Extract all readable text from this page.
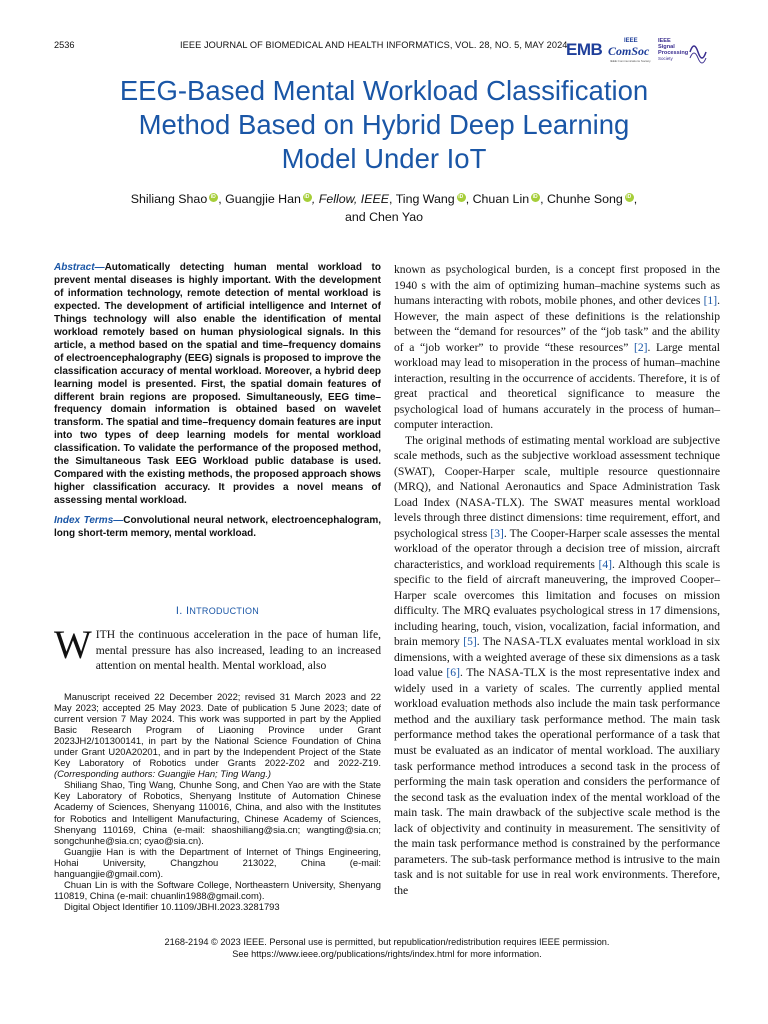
2536	IEEE JOURNAL OF BIOMEDICAL AND HEALTH INFORMATICS, VOL. 28, NO. 5, MAY 2024
EMB	IEEE
ComSoc
IEEE Communications Society
IEEE
Signal
Processing
Society
EEG-Based Mental Workload Classification
Method Based on Hybrid Deep Learning
Model Under IoT
Shiliang Shao iD , Guangjie Han iD , Fellow, IEEE, Ting Wang iD , Chuan Lin iD , Chunhe Song iD ,
and Chen Yao

Abstract—Automatically detecting human mental workload to prevent mental diseases is highly important. With the development of information technology, remote detection of mental workload is expected. The development of artificial intelligence and Internet of Things technology will also enable the identification of mental workload remotely based on human physiological signals. In this article, a method based on the spatial and time–frequency domains of electroencephalography (EEG) signals is proposed to improve the classification accuracy of mental workload. Moreover, a hybrid deep learning model is presented. First, the spatial domain features of different brain regions are proposed. Simultaneously, EEG time–frequency domain information is obtained based on wavelet transform. The spatial and time–frequency domain features are input into two types of deep learning models for mental workload classification. To validate the performance of the proposed method, the Simultaneous Task EEG Workload public database is used. Compared with the existing methods, the proposed approach shows higher classification accuracy. It provides a novel means of assessing mental workload.

Index Terms—Convolutional neural network, electroencephalogram, long short-term memory, mental workload.

I. INTRODUCTION

WITH the continuous acceleration in the pace of human life, mental pressure has also increased, leading to an increased attention on mental health. Mental workload, also

Manuscript received 22 December 2022; revised 31 March 2023 and 22 May 2023; accepted 25 May 2023. Date of publication 5 June 2023; date of current version 7 May 2024. This work was supported in part by the Applied Basic Research Program of Liaoning Province under Grant 2023JH2/101300141, in part by the National Science Foundation of China under Grant U20A20201, and in part by the Independent Project of the State Key Laboratory of Robotics under Grants 2022-Z02 and 2022-Z19. (Corresponding authors: Guangjie Han; Ting Wang.)

Shiliang Shao, Ting Wang, Chunhe Song, and Chen Yao are with the State Key Laboratory of Robotics, Shenyang Institute of Automation Chinese Academy of Sciences, Shenyang 110016, China, and also with the Institutes for Robotics and Intelligent Manufacturing, Chinese Academy of Sciences, Shenyang 110169, China (e-mail: shaoshiliang@sia.cn; wangting@sia.cn; songchunhe@sia.cn; cyao@sia.cn).

Guangjie Han is with the Department of Internet of Things Engineering, Hohai University, Changzhou 213022, China (e-mail: hanguangjie@gmail.com).

Chuan Lin is with the Software College, Northeastern University, Shenyang 110819, China (e-mail: chuanlin1988@gmail.com).

Digital Object Identifier 10.1109/JBHI.2023.3281793

known as psychological burden, is a concept first proposed in the 1940 s with the aim of optimizing human–machine systems such as humans interacting with robots, mobile phones, and other devices [1]. However, the main aspect of these definitions is the relationship between the “demand for resources” of the “job task” and the ability of a “job worker” to provide “these resources” [2]. Large mental workload may lead to misoperation in the process of human–machine interaction, resulting in the occurrence of accidents. Therefore, it is of great practical and theoretical significance to measure the psychological load of humans accurately in the process of human–computer interaction.

The original methods of estimating mental workload are subjective scale methods, such as the subjective workload assessment technique (SWAT), Cooper-Harper scale, multiple resource questionnaire (MRQ), and National Aeronautics and Space Administration Task Load Index (NASA-TLX). The SWAT measures mental workload levels through three distinct dimensions: time requirement, effort, and psychological stress [3]. The Cooper-Harper scale assesses the mental workload of the operator through a decision tree of mission, aircraft characteristics, and workload requirements [4]. Although this scale is specific to the field of aircraft maneuvering, the improved Cooper–Harper scale overcomes this limitation and focuses on mission difficulty. The MRQ evaluates psychological stress in 17 dimensions, including hearing, touch, vision, vocalization, facial information, and brain memory [5]. The NASA-TLX evaluates mental workload in six dimensions, with a weighted average of these six dimensions as a task load value [6]. The NASA-TLX is the most representative index and widely used in a variety of scales. The currently applied mental workload evaluation methods also include the main task performance method and the auxiliary task performance method. The main task performance method takes the operational performance of a task that must be evaluated as an indicator of mental workload. The auxiliary task performance method introduces a second task in the process of performing the main task operation and considers the performance of the second task as the evaluation index of the mental workload of the main task. The main drawback of the subjective scale method is the lack of objectivity and continuity in measurement. The sensitivity of the main task performance method is constrained by the performance parameters. The sub-task performance method is intrusive to the main task and is not suitable for use in real work environments. Therefore, the

2168-2194 © 2023 IEEE. Personal use is permitted, but republication/redistribution requires IEEE permission.
See https://www.ieee.org/publications/rights/index.html for more information.
